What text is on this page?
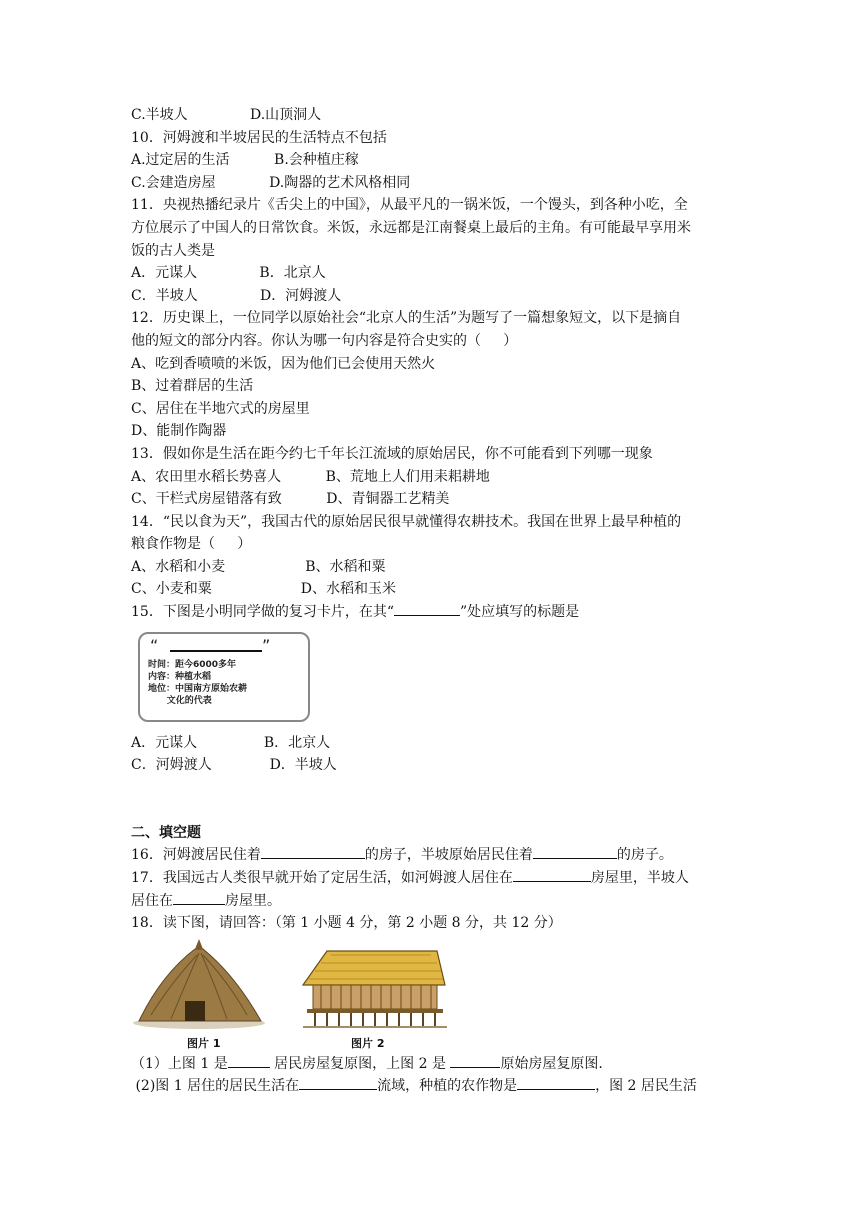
C.半坡人              D.山顶洞人
10．河姆渡和半坡居民的生活特点不包括
A.过定居的生活          B.会种植庄稼
C.会建造房屋            D.陶器的艺术风格相同
11．央视热播纪录片《舌尖上的中国》，从最平凡的一锅米饭，一个馒头，到各种小吃，全
方位展示了中国人的日常饮食。米饭，永远都是江南餐桌上最后的主角。有可能最早享用米
饭的古人类是
A．元谋人              B．北京人
C．半坡人              D．河姆渡人
12．历史课上，一位同学以原始社会“北京人的生活”为题写了一篇想象短文，以下是摘自
他的短文的部分内容。你认为哪一句内容是符合史实的（     ）
A、吃到香喷喷的米饭，因为他们已会使用天然火
B、过着群居的生活
C、居住在半地穴式的房屋里
D、能制作陶器
13．假如你是生活在距今约七千年长江流域的原始居民，你不可能看到下列哪一现象
A、农田里水稻长势喜人          B、荒地上人们用耒耜耕地
C、干栏式房屋错落有致          D、青铜器工艺精美
14．“民以食为天”，我国古代的原始居民很早就懂得农耕技术。我国在世界上最早种植的
粮食作物是（     ）
A、水稻和小麦                  B、水稻和粟
C、小麦和粟                    D、水稻和玉米
15．下图是小明同学做的复习卡片，在其“	”处应填写的标题是
“	”
时间：距今6000多年
内容：种植水稻
地位：中国南方原始农耕
文化的代表
A．元谋人               B．北京人
C．河姆渡人             D．半坡人
二、填空题
16．河姆渡居民住着	的房子，半坡原始居民住着	的房子。
17．我国远古人类很早就开始了定居生活，如河姆渡人居住在	房屋里，半坡人
居住在	房屋里。
18．读下图，请回答：（第 1 小题 4 分，第 2 小题 8 分，共 12 分）
图片 1	图片 2
（1）上图 1 是	居民房屋复原图，上图 2 是	原始房屋复原图.
(2)图 1 居住的居民生活在	流域，种植的农作物是	，图 2 居民生活
